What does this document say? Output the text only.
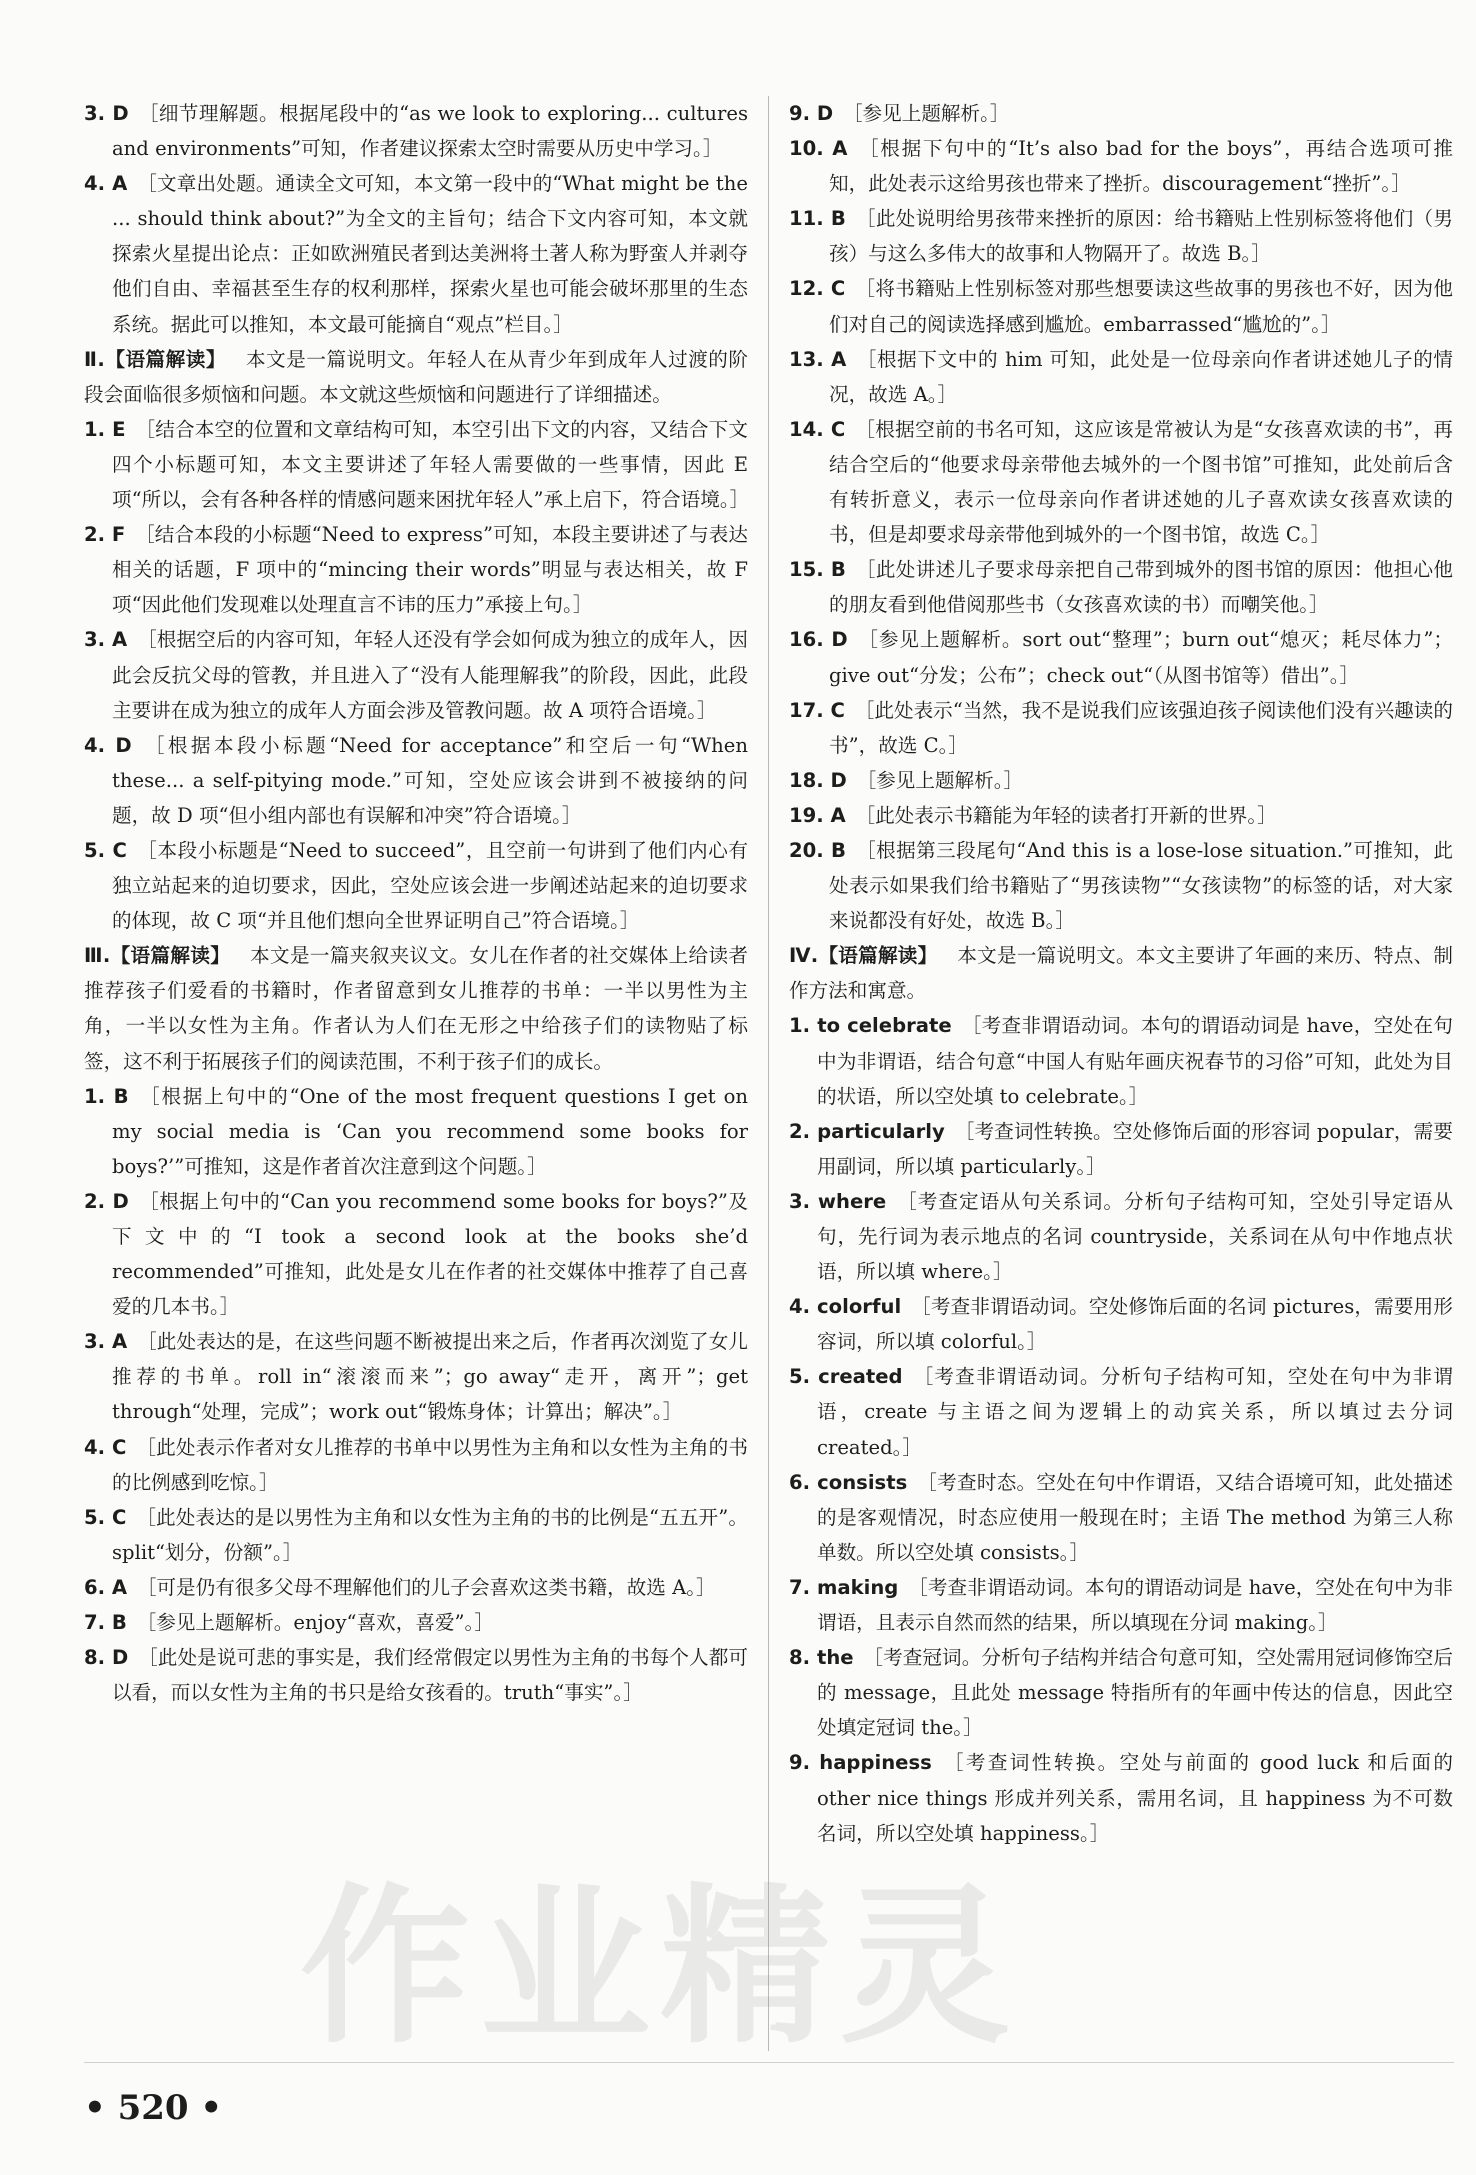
3. D  ［细节理解题。根据尾段中的“as we look to exploring... cultures and environments”可知，作者建议探索太空时需要从历史中学习。］

4. A  ［文章出处题。通读全文可知，本文第一段中的“What might be the ... should think about?”为全文的主旨句；结合下文内容可知，本文就探索火星提出论点：正如欧洲殖民者到达美洲将土著人称为野蛮人并剥夺他们自由、幸福甚至生存的权利那样，探索火星也可能会破坏那里的生态系统。据此可以推知，本文最可能摘自“观点”栏目。］

Ⅱ.【语篇解读】  本文是一篇说明文。年轻人在从青少年到成年人过渡的阶段会面临很多烦恼和问题。本文就这些烦恼和问题进行了详细描述。

1. E  ［结合本空的位置和文章结构可知，本空引出下文的内容，又结合下文四个小标题可知，本文主要讲述了年轻人需要做的一些事情，因此 E 项“所以，会有各种各样的情感问题来困扰年轻人”承上启下，符合语境。］

2. F  ［结合本段的小标题“Need to express”可知，本段主要讲述了与表达相关的话题，F 项中的“mincing their words”明显与表达相关，故 F 项“因此他们发现难以处理直言不讳的压力”承接上句。］

3. A  ［根据空后的内容可知，年轻人还没有学会如何成为独立的成年人，因此会反抗父母的管教，并且进入了“没有人能理解我”的阶段，因此，此段主要讲在成为独立的成年人方面会涉及管教问题。故 A 项符合语境。］

4. D  ［根据本段小标题“Need for acceptance”和空后一句“When these... a self-pitying mode.”可知，空处应该会讲到不被接纳的问题，故 D 项“但小组内部也有误解和冲突”符合语境。］

5. C  ［本段小标题是“Need to succeed”，且空前一句讲到了他们内心有独立站起来的迫切要求，因此，空处应该会进一步阐述站起来的迫切要求的体现，故 C 项“并且他们想向全世界证明自己”符合语境。］

Ⅲ.【语篇解读】  本文是一篇夹叙夹议文。女儿在作者的社交媒体上给读者推荐孩子们爱看的书籍时，作者留意到女儿推荐的书单：一半以男性为主角，一半以女性为主角。作者认为人们在无形之中给孩子们的读物贴了标签，这不利于拓展孩子们的阅读范围，不利于孩子们的成长。

1. B  ［根据上句中的“One of the most frequent questions I get on my social media is ‘Can you recommend some books for boys?’”可推知，这是作者首次注意到这个问题。］

2. D  ［根据上句中的“Can you recommend some books for boys?”及下文中的“I took a second look at the books she’d recommended”可推知，此处是女儿在作者的社交媒体中推荐了自己喜爱的几本书。］

3. A  ［此处表达的是，在这些问题不断被提出来之后，作者再次浏览了女儿推荐的书单。roll in“滚滚而来”；go away“走开，离开”；get through“处理，完成”；work out“锻炼身体；计算出；解决”。］

4. C  ［此处表示作者对女儿推荐的书单中以男性为主角和以女性为主角的书的比例感到吃惊。］

5. C  ［此处表达的是以男性为主角和以女性为主角的书的比例是“五五开”。split“划分，份额”。］

6. A  ［可是仍有很多父母不理解他们的儿子会喜欢这类书籍，故选 A。］

7. B  ［参见上题解析。enjoy“喜欢，喜爱”。］

8. D  ［此处是说可悲的事实是，我们经常假定以男性为主角的书每个人都可以看，而以女性为主角的书只是给女孩看的。truth“事实”。］

9. D  ［参见上题解析。］

10. A  ［根据下句中的“It’s also bad for the boys”，再结合选项可推知，此处表示这给男孩也带来了挫折。discouragement“挫折”。］

11. B  ［此处说明给男孩带来挫折的原因：给书籍贴上性别标签将他们（男孩）与这么多伟大的故事和人物隔开了。故选 B。］

12. C  ［将书籍贴上性别标签对那些想要读这些故事的男孩也不好，因为他们对自己的阅读选择感到尴尬。embarrassed“尴尬的”。］

13. A  ［根据下文中的 him 可知，此处是一位母亲向作者讲述她儿子的情况，故选 A。］

14. C  ［根据空前的书名可知，这应该是常被认为是“女孩喜欢读的书”，再结合空后的“他要求母亲带他去城外的一个图书馆”可推知，此处前后含有转折意义，表示一位母亲向作者讲述她的儿子喜欢读女孩喜欢读的书，但是却要求母亲带他到城外的一个图书馆，故选 C。］

15. B  ［此处讲述儿子要求母亲把自己带到城外的图书馆的原因：他担心他的朋友看到他借阅那些书（女孩喜欢读的书）而嘲笑他。］

16. D  ［参见上题解析。sort out“整理”；burn out“熄灭；耗尽体力”；give out“分发；公布”；check out“（从图书馆等）借出”。］

17. C  ［此处表示“当然，我不是说我们应该强迫孩子阅读他们没有兴趣读的书”，故选 C。］

18. D  ［参见上题解析。］

19. A  ［此处表示书籍能为年轻的读者打开新的世界。］

20. B  ［根据第三段尾句“And this is a lose-lose situation.”可推知，此处表示如果我们给书籍贴了“男孩读物”“女孩读物”的标签的话，对大家来说都没有好处，故选 B。］

Ⅳ.【语篇解读】  本文是一篇说明文。本文主要讲了年画的来历、特点、制作方法和寓意。

1. to celebrate  ［考查非谓语动词。本句的谓语动词是 have，空处在句中为非谓语，结合句意“中国人有贴年画庆祝春节的习俗”可知，此处为目的状语，所以空处填 to celebrate。］

2. particularly  ［考查词性转换。空处修饰后面的形容词 popular，需要用副词，所以填 particularly。］

3. where  ［考查定语从句关系词。分析句子结构可知，空处引导定语从句，先行词为表示地点的名词 countryside，关系词在从句中作地点状语，所以填 where。］

4. colorful  ［考查非谓语动词。空处修饰后面的名词 pictures，需要用形容词，所以填 colorful。］

5. created  ［考查非谓语动词。分析句子结构可知，空处在句中为非谓语，create 与主语之间为逻辑上的动宾关系，所以填过去分词 created。］

6. consists  ［考查时态。空处在句中作谓语，又结合语境可知，此处描述的是客观情况，时态应使用一般现在时；主语 The method 为第三人称单数。所以空处填 consists。］

7. making  ［考查非谓语动词。本句的谓语动词是 have，空处在句中为非谓语，且表示自然而然的结果，所以填现在分词 making。］

8. the  ［考查冠词。分析句子结构并结合句意可知，空处需用冠词修饰空后的 message，且此处 message 特指所有的年画中传达的信息，因此空处填定冠词 the。］

9. happiness  ［考查词性转换。空处与前面的 good luck 和后面的 other nice things 形成并列关系，需用名词，且 happiness 为不可数名词，所以空处填 happiness。］

作业精灵
• 520 •
